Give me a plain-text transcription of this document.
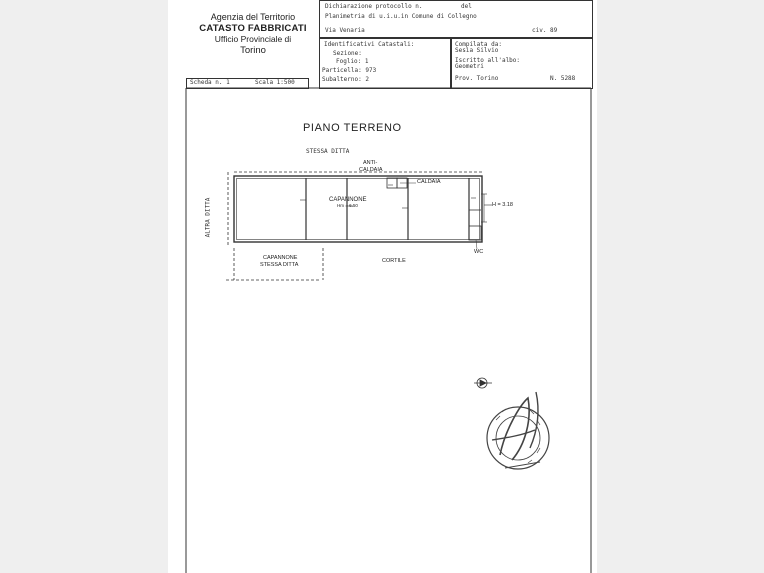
Agenzia del Territorio
CATASTO FABBRICATI
Ufficio Provinciale di
Torino
Dichiarazione protocollo n.	del
Planimetria di u.i.u.in Comune di Collegno
Via Venaria	civ. 89
Identificativi Catastali:
Sezione:
Foglio: 1
Particella: 973
Subalterno: 2
Compilata da:
Sesia Silvio
Iscritto all'albo:
Geometri
Prov. Torino	N. 5288
Scheda n. 1	Scala 1:500
PIANO TERRENO
STESSA DITTA
ALTRA DITTA
ANTI-
CALDAIA
CALDAIA
CAPANNONE
Hm = 6.50	H = 3.18
WC
CAPANNONE
STESSA DITTA
CORTILE
